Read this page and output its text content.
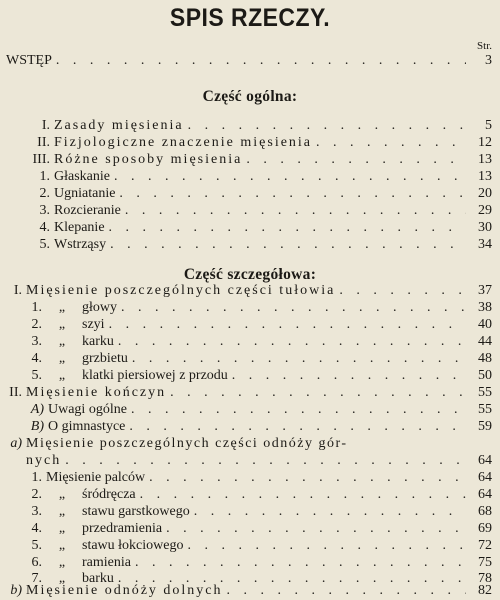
SPIS RZECZY.
Str.
WSTĘP . . .	3
Część ogólna:
I. Zasady mięsienia . . .	5
II. Fizjologiczne znaczenie mięsienia . . .	12
III. Różne sposoby mięsienia . . .	13
1. Głaskanie . . .	13
2. Ugniatanie . . .	20
3. Rozcieranie . . .	29
4. Klepanie . . .	30
5. Wstrząsy . . .	34
Część szczegółowa:
I. Mięsienie poszczególnych części tułowia . . .	37
1.	„	głowy . . .	38
2.	„	szyi . . .	40
3.	„	karku . . .	44
4.	„	grzbietu . . .	48
5.	„	klatki piersiowej z przodu . . .	50
II. Mięsienie kończyn . . .	55
A) Uwagi ogólne . . .	55
B) O gimnastyce . . .	59
a) Mięsienie poszczególnych części odnóży gór-
nych . . .	64
1. Mięsienie palców . . .	64
2.	„	śródręcza . . .	64
3.	„	stawu garstkowego . . .	68
4.	„	przedramienia . . .	69
5.	„	stawu łokciowego . . .	72
6.	„	ramienia . . .	75
7.	„	barku . . .	78
b) Mięsienie odnóży dolnych . . .	82
